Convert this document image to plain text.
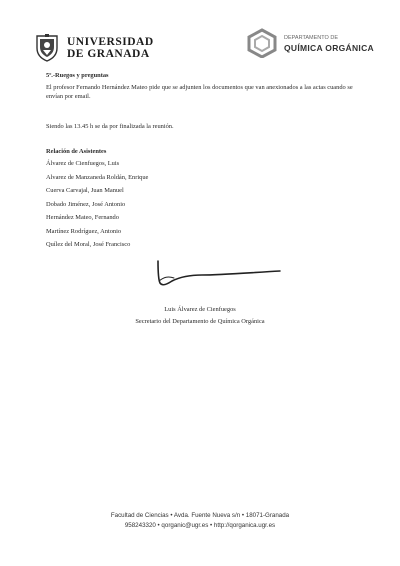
UNIVERSIDAD
DE GRANADA
DEPARTAMENTO DE
QUÍMICA ORGÁNICA
5º.-Ruegos y preguntas
El profesor Fernando Hernández Mateo pide que se adjunten los documentos que van anexionados a las actas cuando se envían por email.
Siendo las 13.45 h se da por finalizada la reunión.
Relación de Asistentes
Álvarez de Cienfuegos, Luis
Alvarez de Manzaneda Roldán, Enrique
Cuerva Carvajal, Juan Manuel
Dobado Jiménez, José Antonio
Hernández Mateo, Fernando
Martínez Rodríguez, Antonio
Quílez del Moral, José Francisco
Luis Álvarez de Cienfuegos
Secretario del Departamento de Química Orgánica
Facultad de Ciencias • Avda. Fuente Nueva s/n • 18071-Granada
958243320 • qorganic@ugr.es • http://qorganica.ugr.es
